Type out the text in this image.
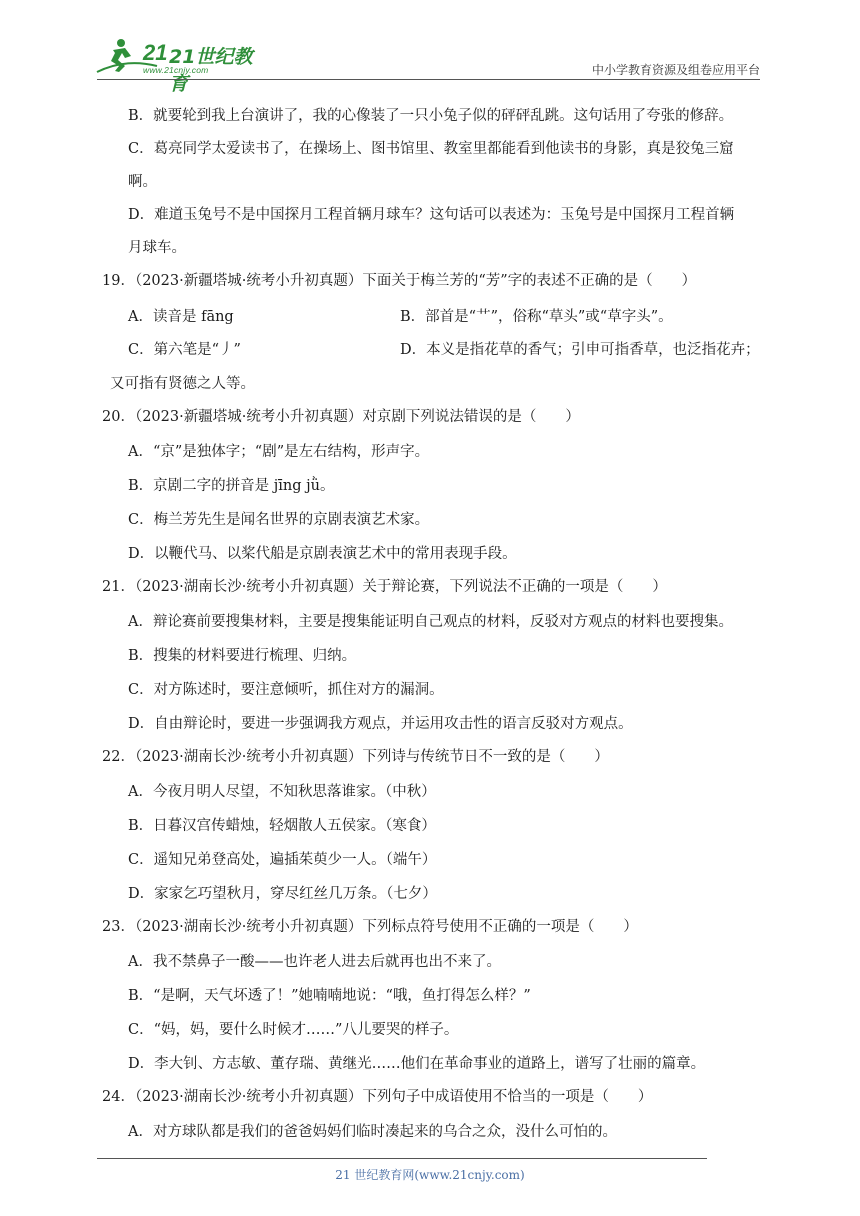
21 21世纪教育
www.21cnjy.com	中小学教育资源及组卷应用平台
B．就要轮到我上台演讲了，我的心像装了一只小兔子似的砰砰乱跳。这句话用了夸张的修辞。
C．葛亮同学太爱读书了，在操场上、图书馆里、教室里都能看到他读书的身影，真是狡兔三窟
啊。
D．难道玉兔号不是中国探月工程首辆月球车？这句话可以表述为：玉兔号是中国探月工程首辆
月球车。
19．（2023·新疆塔城·统考小升初真题）下面关于梅兰芳的“芳”字的表述不正确的是（　　）
A．读音是 fāng	B．部首是“艹”，俗称“草头”或“草字头”。
C．第六笔是“丿”	D．本义是指花草的香气；引申可指香草，也泛指花卉；
又可指有贤德之人等。
20．（2023·新疆塔城·统考小升初真题）对京剧下列说法错误的是（　　）
A．“京”是独体字；“剧”是左右结构，形声字。
B．京剧二字的拼音是 jīng jǜ。
C．梅兰芳先生是闻名世界的京剧表演艺术家。
D．以鞭代马、以桨代船是京剧表演艺术中的常用表现手段。
21．（2023·湖南长沙·统考小升初真题）关于辩论赛，下列说法不正确的一项是（　　）
A．辩论赛前要搜集材料，主要是搜集能证明自己观点的材料，反驳对方观点的材料也要搜集。
B．搜集的材料要进行梳理、归纳。
C．对方陈述时，要注意倾听，抓住对方的漏洞。
D．自由辩论时，要进一步强调我方观点，并运用攻击性的语言反驳对方观点。
22．（2023·湖南长沙·统考小升初真题）下列诗与传统节日不一致的是（　　）
A．今夜月明人尽望，不知秋思落谁家。（中秋）
B．日暮汉宫传蜡烛，轻烟散人五侯家。（寒食）
C．遥知兄弟登高处，遍插茱萸少一人。（端午）
D．家家乞巧望秋月，穿尽红丝几万条。（七夕）
23．（2023·湖南长沙·统考小升初真题）下列标点符号使用不正确的一项是（　　）
A．我不禁鼻子一酸——也许老人进去后就再也出不来了。
B．“是啊，天气坏透了！”她喃喃地说：“哦，鱼打得怎么样？”
C．“妈，妈，要什么时候才……”八儿要哭的样子。
D．李大钊、方志敏、董存瑞、黄继光……他们在革命事业的道路上，谱写了壮丽的篇章。
24．（2023·湖南长沙·统考小升初真题）下列句子中成语使用不恰当的一项是（　　）
A．对方球队都是我们的爸爸妈妈们临时凑起来的乌合之众，没什么可怕的。
21 世纪教育网(www.21cnjy.com)
